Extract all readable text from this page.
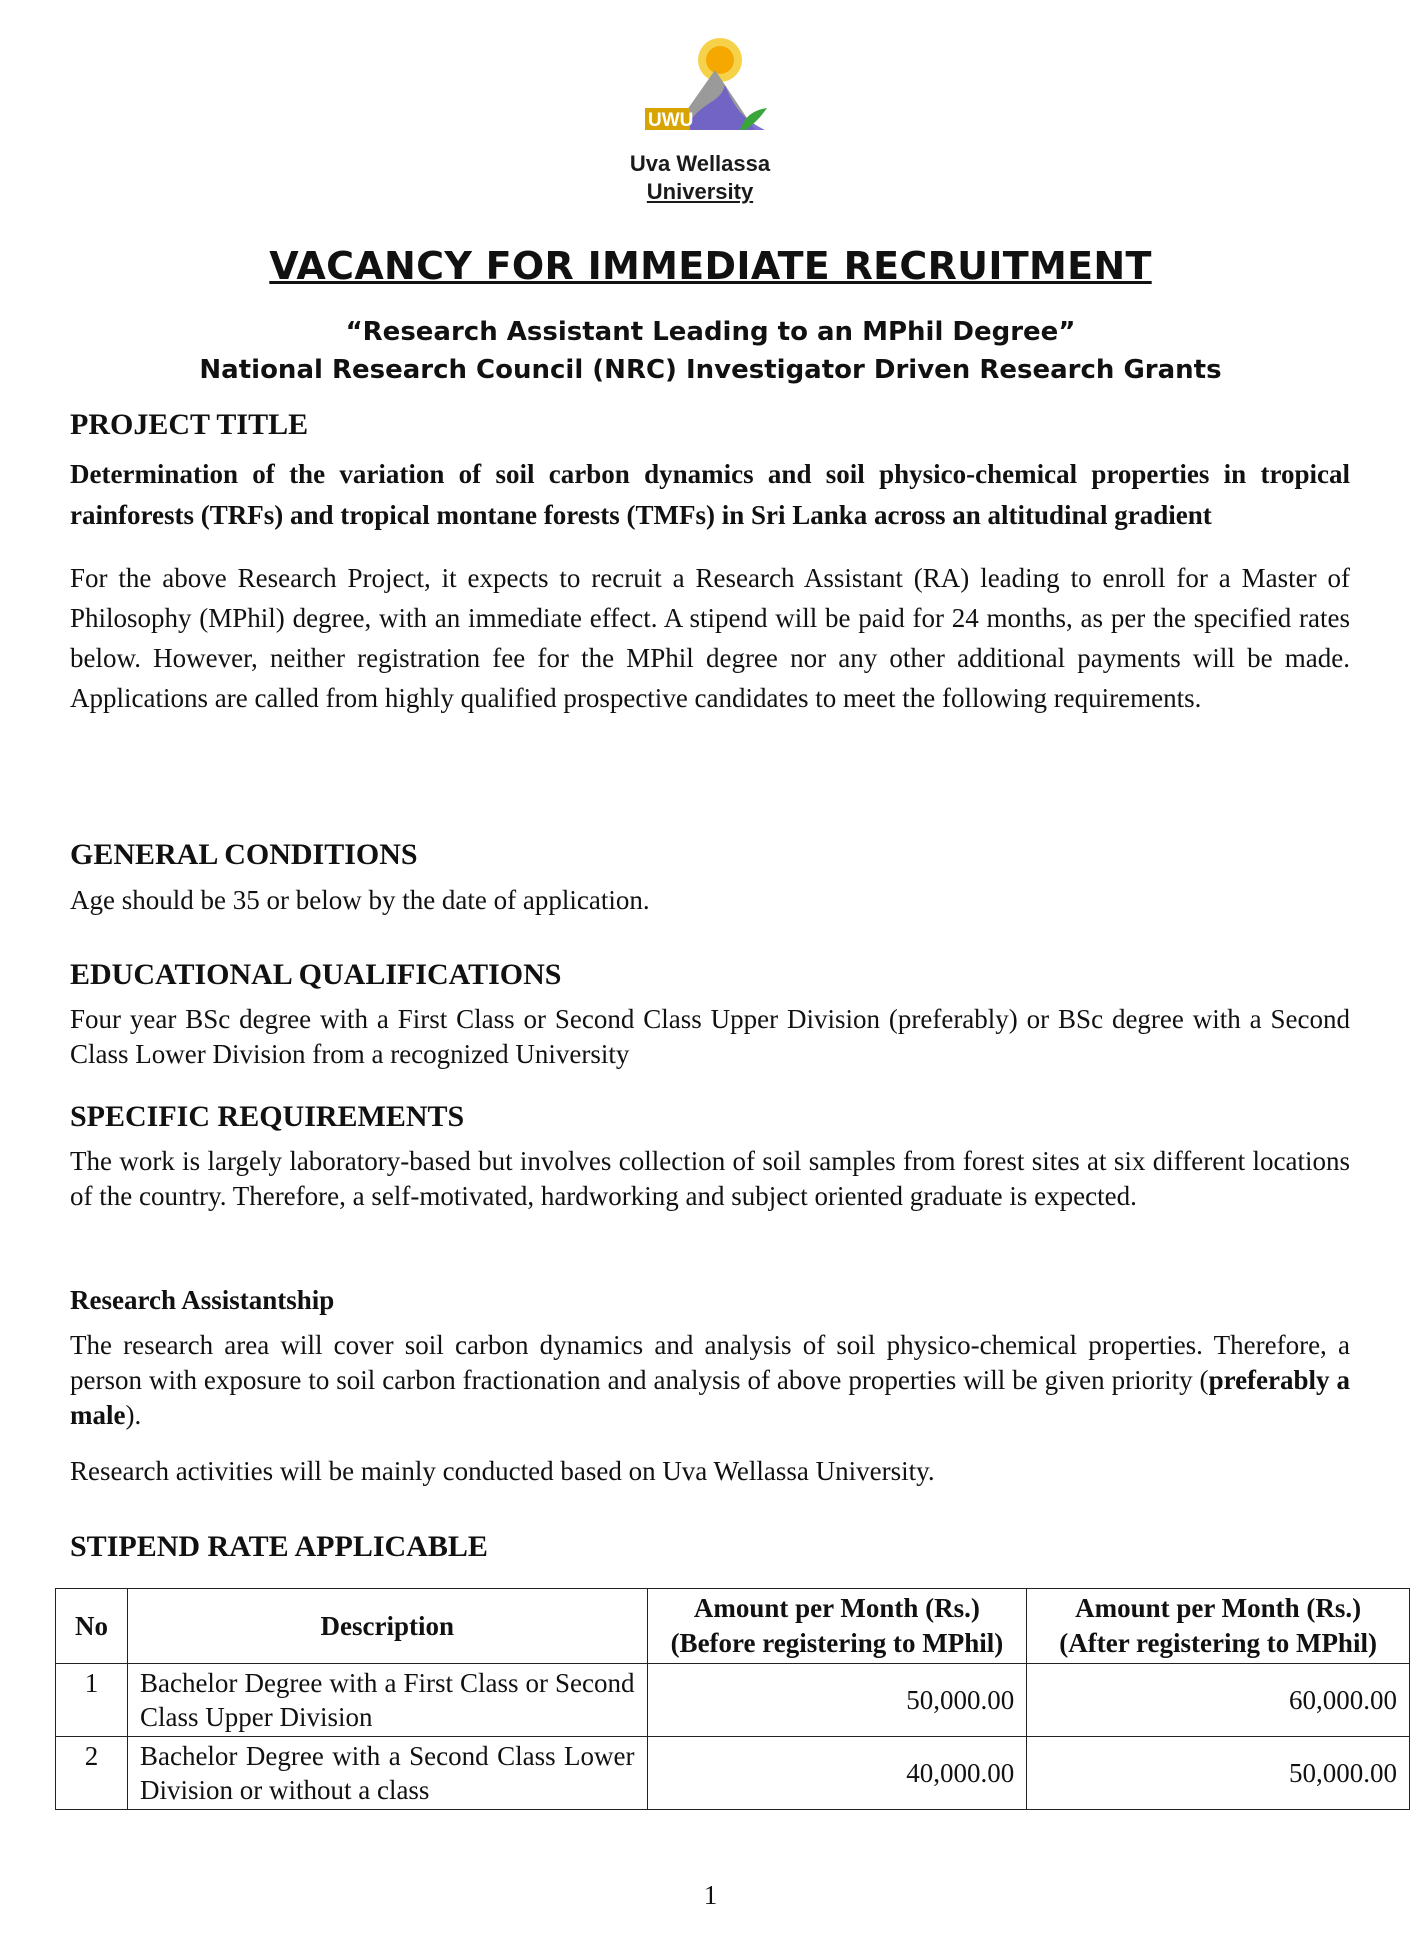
UWU
Uva Wellassa
University
VACANCY FOR IMMEDIATE RECRUITMENT
“Research Assistant Leading to an MPhil Degree”
National Research Council (NRC) Investigator Driven Research Grants

PROJECT TITLE

Determination of the variation of soil carbon dynamics and soil physico-chemical properties in tropical rainforests (TRFs) and tropical montane forests (TMFs) in Sri Lanka across an altitudinal gradient

For the above Research Project, it expects to recruit a Research Assistant (RA) leading to enroll for a Master of Philosophy (MPhil) degree, with an immediate effect. A stipend will be paid for 24 months, as per the specified rates below. However, neither registration fee for the MPhil degree nor any other additional payments will be made. Applications are called from highly qualified prospective candidates to meet the following requirements.

GENERAL CONDITIONS

Age should be 35 or below by the date of application.

EDUCATIONAL QUALIFICATIONS

Four year BSc degree with a First Class or Second Class Upper Division (preferably) or BSc degree with a Second Class Lower Division from a recognized University

SPECIFIC REQUIREMENTS

The work is largely laboratory-based but involves collection of soil samples from forest sites at six different locations of the country. Therefore, a self-motivated, hardworking and subject oriented graduate is expected.

Research Assistantship

The research area will cover soil carbon dynamics and analysis of soil physico-chemical properties. Therefore, a person with exposure to soil carbon fractionation and analysis of above properties will be given priority (preferably a male).

Research activities will be mainly conducted based on Uva Wellassa University.

STIPEND RATE APPLICABLE

No	Description	Amount per Month (Rs.) (Before registering to MPhil)	Amount per Month (Rs.) (After registering to MPhil)
1	Bachelor Degree with a First Class or Second Class Upper Division	50,000.00	60,000.00
2	Bachelor Degree with a Second Class Lower Division or without a class	40,000.00	50,000.00
1
